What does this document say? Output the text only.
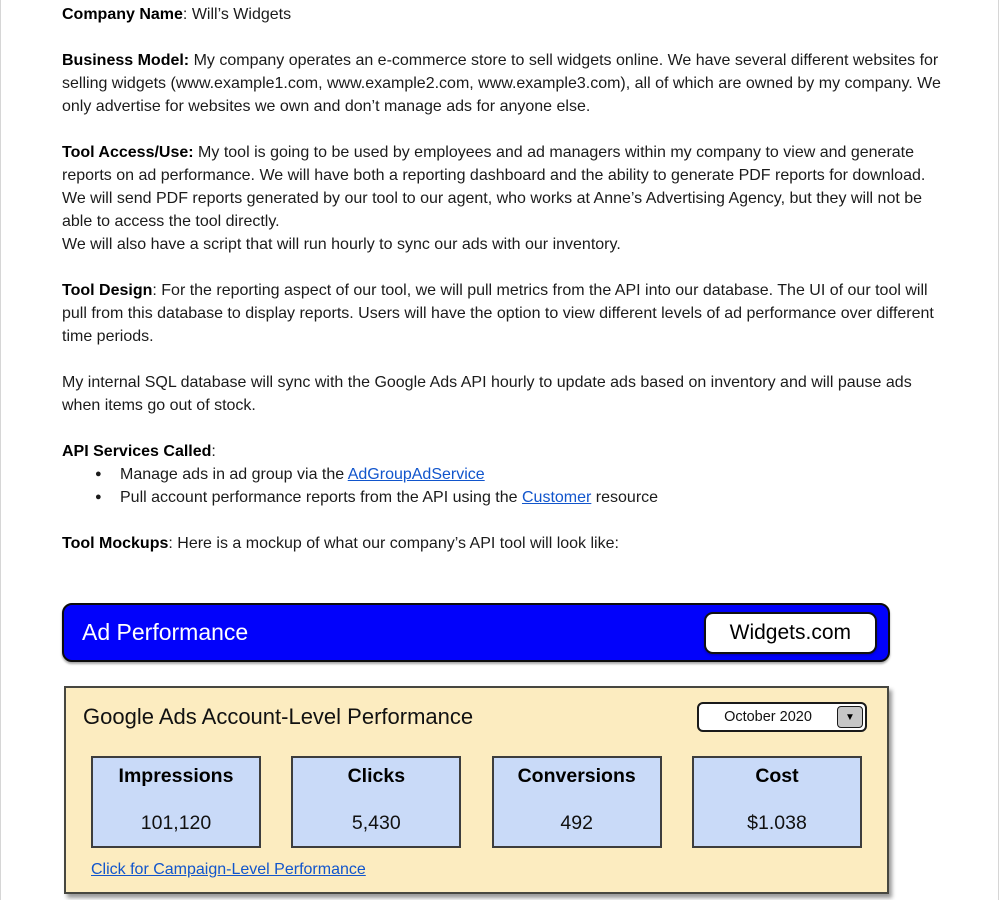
Company Name: Will’s Widgets

Business Model: My company operates an e-commerce store to sell widgets online. We have several different websites for selling widgets (www.example1.com, www.example2.com, www.example3.com), all of which are owned by my company. We only advertise for websites we own and don’t manage ads for anyone else.

Tool Access/Use: My tool is going to be used by employees and ad managers within my company to view and generate reports on ad performance. We will have both a reporting dashboard and the ability to generate PDF reports for download. We will send PDF reports generated by our tool to our agent, who works at Anne’s Advertising Agency, but they will not be able to access the tool directly.
We will also have a script that will run hourly to sync our ads with our inventory.

Tool Design: For the reporting aspect of our tool, we will pull metrics from the API into our database. The UI of our tool will pull from this database to display reports. Users will have the option to view different levels of ad performance over different time periods.

My internal SQL database will sync with the Google Ads API hourly to update ads based on inventory and will pause ads when items go out of stock.

API Services Called:

● Manage ads in ad group via the AdGroupAdService
● Pull account performance reports from the API using the Customer resource

Tool Mockups: Here is a mockup of what our company’s API tool will look like:

Ad Performance	Widgets.com
Google Ads Account-Level Performance	October 2020	▼
Impressions
101,120
Clicks
5,430
Conversions
492
Cost
$1.038
Click for Campaign-Level Performance
